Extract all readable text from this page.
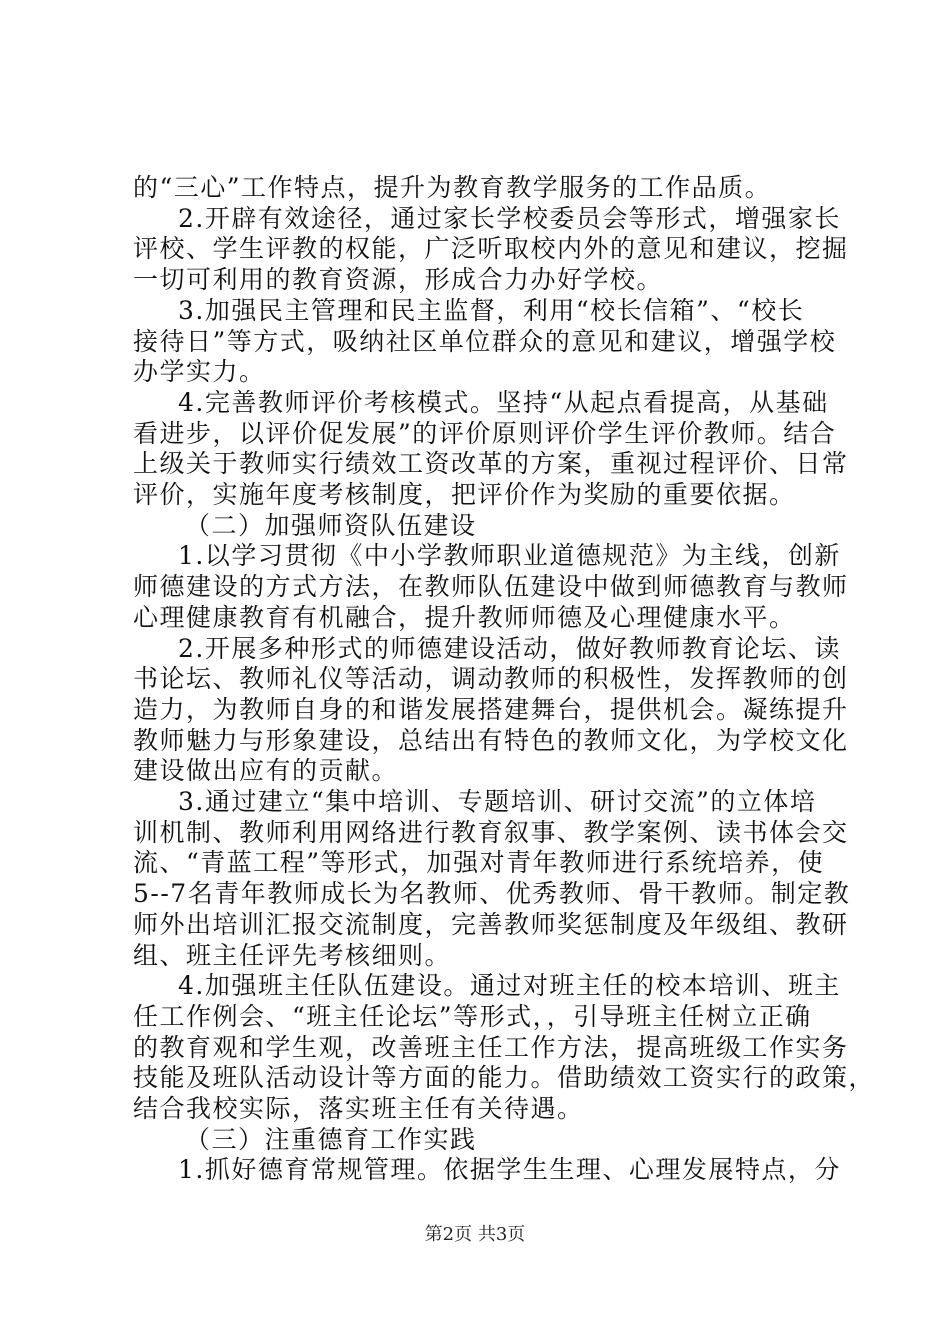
的“三心”工作特点，提升为教育教学服务的工作品质。
2.开辟有效途径，通过家长学校委员会等形式，增强家长
评校、学生评教的权能，广泛听取校内外的意见和建议，挖掘
一切可利用的教育资源，形成合力办好学校。
3.加强民主管理和民主监督，利用“校长信箱”、“校长
接待日”等方式，吸纳社区单位群众的意见和建议，增强学校
办学实力。
4.完善教师评价考核模式。坚持“从起点看提高，从基础
看进步，以评价促发展”的评价原则评价学生评价教师。结合
上级关于教师实行绩效工资改革的方案，重视过程评价、日常
评价，实施年度考核制度，把评价作为奖励的重要依据。
（二）加强师资队伍建设
1.以学习贯彻《中小学教师职业道德规范》为主线，创新
师德建设的方式方法，在教师队伍建设中做到师德教育与教师
心理健康教育有机融合，提升教师师德及心理健康水平。
2.开展多种形式的师德建设活动，做好教师教育论坛、读
书论坛、教师礼仪等活动，调动教师的积极性，发挥教师的创
造力，为教师自身的和谐发展搭建舞台，提供机会。凝练提升
教师魅力与形象建设，总结出有特色的教师文化，为学校文化
建设做出应有的贡献。
3.通过建立“集中培训、专题培训、研讨交流”的立体培
训机制、教师利用网络进行教育叙事、教学案例、读书体会交
流、“青蓝工程”等形式，加强对青年教师进行系统培养，使
5--7名青年教师成长为名教师、优秀教师、骨干教师。制定教
师外出培训汇报交流制度，完善教师奖惩制度及年级组、教研
组、班主任评先考核细则。
4.加强班主任队伍建设。通过对班主任的校本培训、班主
任工作例会、“班主任论坛”等形式，，引导班主任树立正确
的教育观和学生观，改善班主任工作方法，提高班级工作实务
技能及班队活动设计等方面的能力。借助绩效工资实行的政策，
结合我校实际，落实班主任有关待遇。
（三）注重德育工作实践
1.抓好德育常规管理。依据学生生理、心理发展特点，分
第2页 共3页
